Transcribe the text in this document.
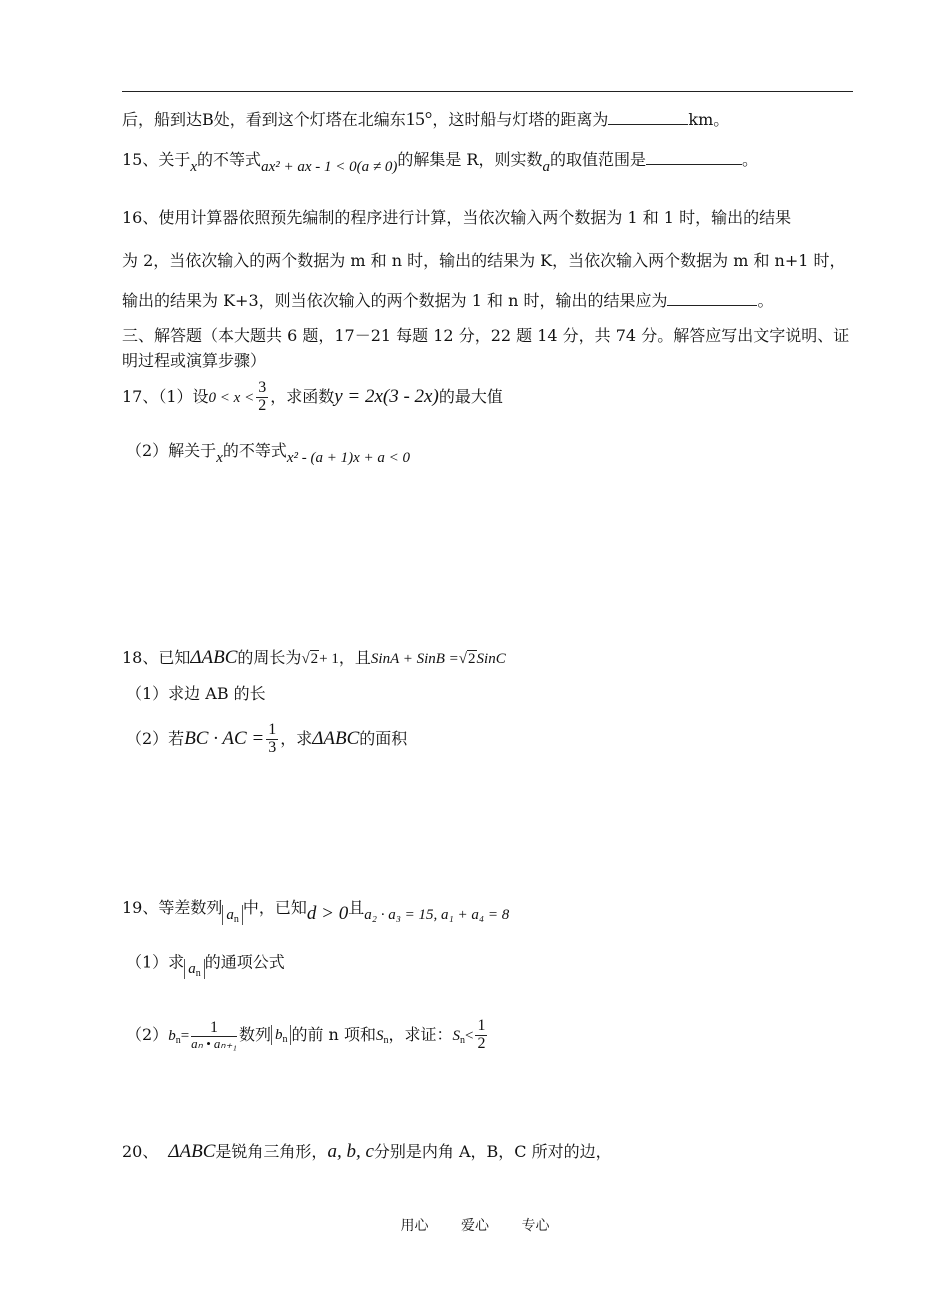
后，船到达B处，看到这个灯塔在北编东15°，这时船与灯塔的距离为	km。
15、关于x的不等式ax² + ax - 1 < 0(a ≠ 0)的解集是 R，则实数a的取值范围是	。
16、使用计算器依照预先编制的程序进行计算，当依次输入两个数据为 1 和 1 时，输出的结果
为 2，当依次输入的两个数据为 m 和 n 时，输出的结果为 K，当依次输入两个数据为 m 和 n+1 时，
输出的结果为 K+3，则当依次输入的两个数据为 1 和 n 时，输出的结果应为	。
三、解答题（本大题共 6 题，17－21 每题 12 分，22 题 14 分，共 74 分。解答应写出文字说明、证
明过程或演算步骤）
17、（1）设$0 < x < \frac{3}{2}$ ，求函数y = 2x(3 - 2x)的最大值
（2）解关于x的不等式x² - (a + 1)x + a < 0
18、已知ΔABC的周长为√2+ 1，且SinA + SinB =√2SinC
（1）求边 AB 的长
（2）若BC · AC = $\frac{1}{3}$ ，求ΔABC的面积
19、等差数列 $a_n$中，已知d > 0且a₂ · a₃ = 15, a₁ + a₄ = 8
（1）求 $a_n$的通项公式
$(2)b_n= \frac{1}{\text{aₙ • aₙ₊₁}}$ 数列 $b_n$ 的前 n 项和$S_n$，求证：$S_n< \frac{1}{2}$
20、 ΔABC是锐角三角形，a, b, c分别是内角 A，B，C 所对的边，
用心 爱心 专心
